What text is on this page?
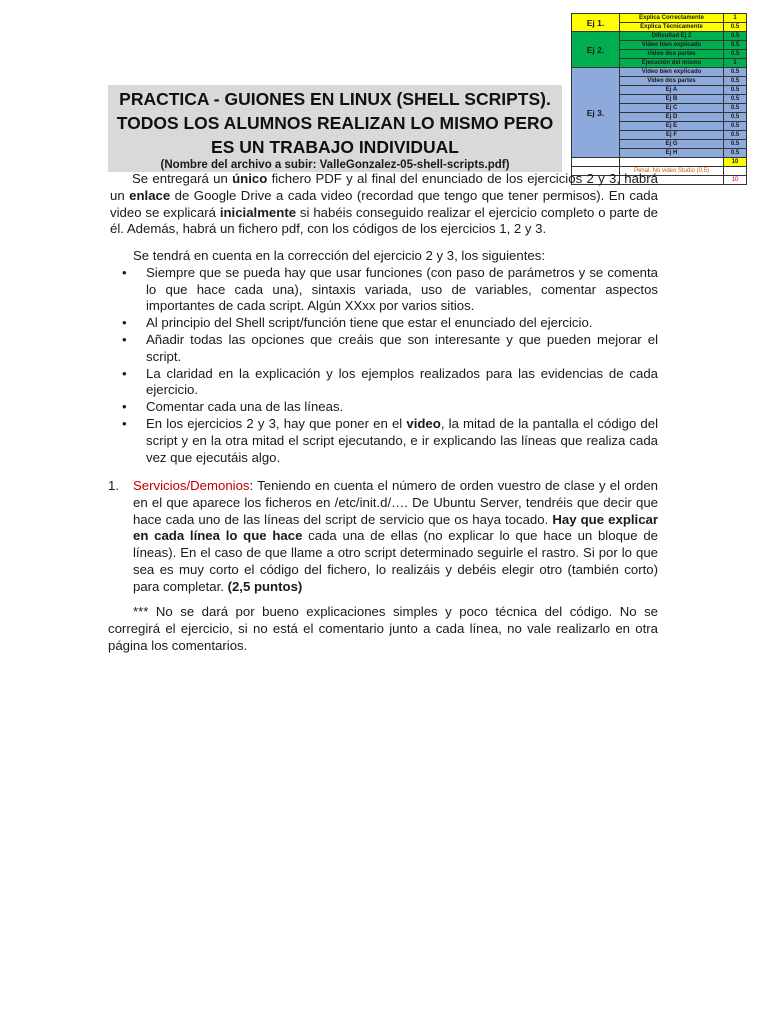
Ej 1.	Explica Correctamente	1
	Explica Técnicamente	0.5
Ej 2.	Dificultad Ej 2	0.5
	Video bien explicado	0.5
	Video dos partes	0.5
	Ejecución del mismo	1
Ej 3.	Video bien explicado	0.5
	Video dos partes	0.5
	Ej A	0.5
	Ej B	0.5
	Ej C	0.5
	Ej D	0.5
	Ej E	0.5
	Ej F	0.5
	Ej G	0.5
	Ej H	0.5
		10
	Penal. No video Studio (0,5)	
		10
PRACTICA - GUIONES EN LINUX (SHELL SCRIPTS).
TODOS LOS ALUMNOS REALIZAN LO MISMO PERO
ES UN TRABAJO INDIVIDUAL
(Nombre del archivo a subir: ValleGonzalez-05-shell-scripts.pdf)

Se entregará un único fichero PDF y al final del enunciado de los ejercicios 2 y 3, habrá un enlace de Google Drive a cada video (recordad que tengo que tener permisos). En cada video se explicará inicialmente si habéis conseguido realizar el ejercicio completo o parte de él. Además, habrá un fichero pdf, con los códigos de los ejercicios 1, 2 y 3.

Se tendrá en cuenta en la corrección del ejercicio 2 y 3, los siguientes:

• Siempre que se pueda hay que usar funciones (con paso de parámetros y se comenta lo que hace cada una), sintaxis variada, uso de variables, comentar aspectos importantes de cada script. Algún XXxx por varios sitios.
• Al principio del Shell script/función tiene que estar el enunciado del ejercicio.
• Añadir todas las opciones que creáis que son interesante y que pueden mejorar el script.
• La claridad en la explicación y los ejemplos realizados para las evidencias de cada ejercicio.
• Comentar cada una de las líneas.
• En los ejercicios 2 y 3, hay que poner en el video, la mitad de la pantalla el código del script y en la otra mitad el script ejecutando, e ir explicando las líneas que realiza cada vez que ejecutáis algo.
1. Servicios/Demonios: Teniendo en cuenta el número de orden vuestro de clase y el orden en el que aparece los ficheros en /etc/init.d/…. De Ubuntu Server, tendréis que decir que hace cada uno de las líneas del script de servicio que os haya tocado. Hay que explicar en cada línea lo que hace cada una de ellas (no explicar lo que hace un bloque de líneas). En el caso de que llame a otro script determinado seguirle el rastro. Si por lo que sea es muy corto el código del fichero, lo realizáis y debéis elegir otro (también corto) para completar. (2,5 puntos)

*** No se dará por bueno explicaciones simples y poco técnica del código. No se corregirá el ejercicio, si no está el comentario junto a cada línea, no vale realizarlo en otra página los comentarios.
